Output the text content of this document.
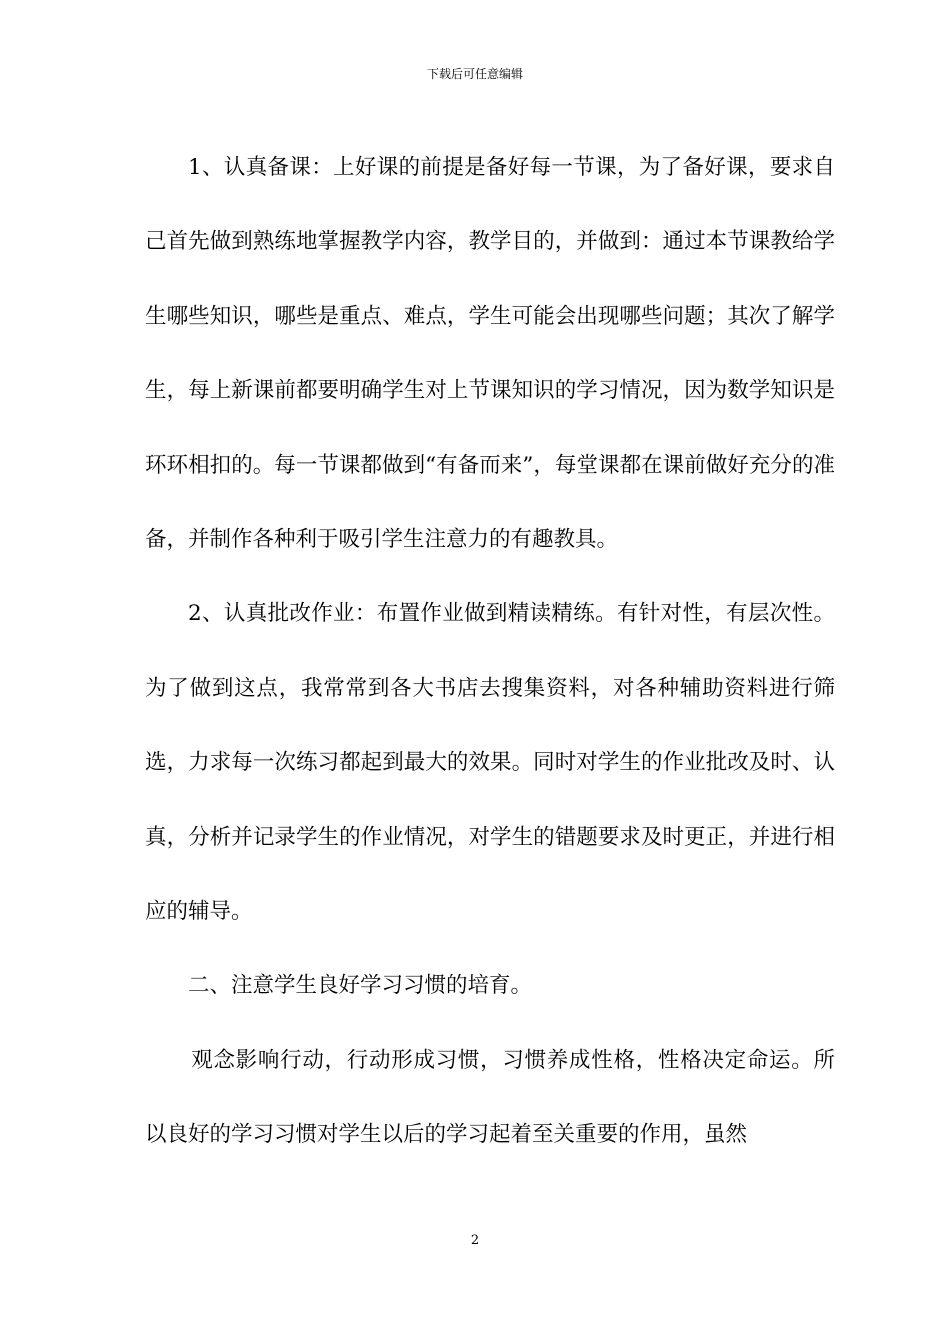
下载后可任意编辑

1、认真备课：上好课的前提是备好每一节课，为了备好课，要求自己首先做到熟练地掌握教学内容，教学目的，并做到：通过本节课教给学生哪些知识，哪些是重点、难点，学生可能会出现哪些问题；其次了解学生，每上新课前都要明确学生对上节课知识的学习情况，因为数学知识是环环相扣的。每一节课都做到“有备而来”，每堂课都在课前做好充分的准备，并制作各种利于吸引学生注意力的有趣教具。

2、认真批改作业：布置作业做到精读精练。有针对性，有层次性。为了做到这点，我常常到各大书店去搜集资料，对各种辅助资料进行筛选，力求每一次练习都起到最大的效果。同时对学生的作业批改及时、认真，分析并记录学生的作业情况，对学生的错题要求及时更正，并进行相应的辅导。

二、注意学生良好学习习惯的培育。

观念影响行动，行动形成习惯，习惯养成性格，性格决定命运。所以良好的学习习惯对学生以后的学习起着至关重要的作用，虽然

2
